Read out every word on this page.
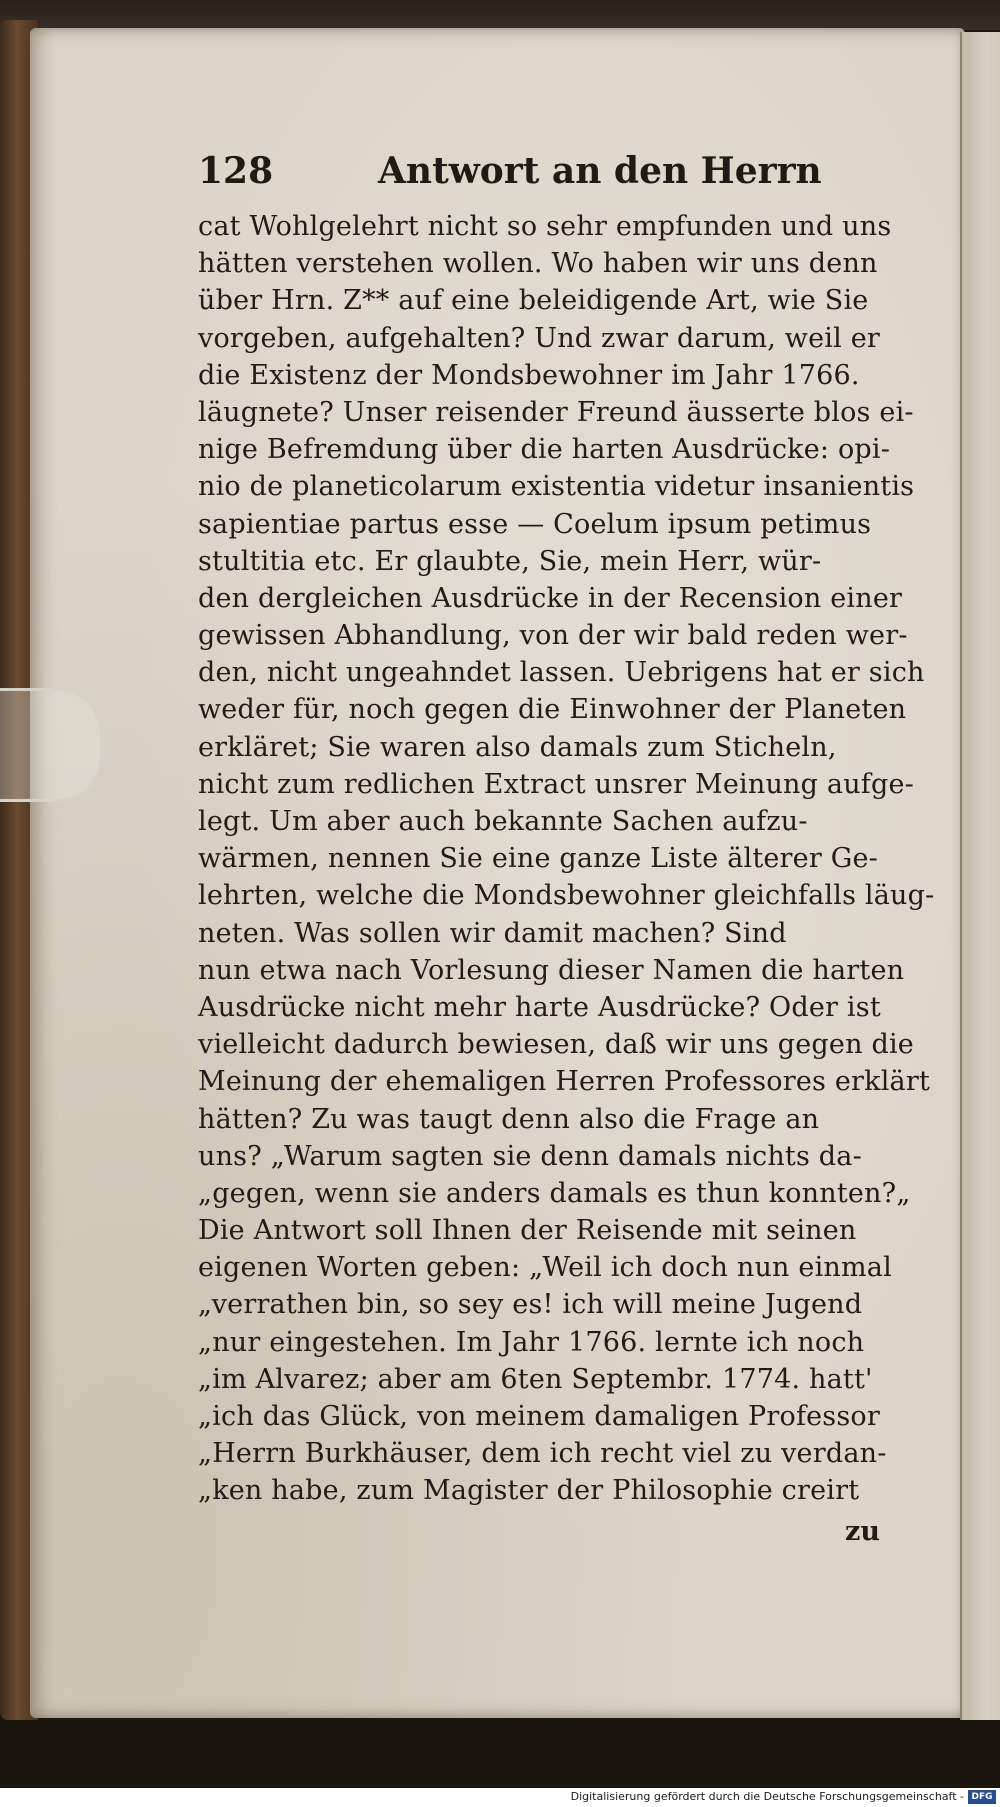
128	Antwort an den Herrn
cat Wohlgelehrt nicht so sehr empfunden und uns
hätten verstehen wollen. Wo haben wir uns denn
über Hrn. Z** auf eine beleidigende Art, wie Sie
vorgeben, aufgehalten? Und zwar darum, weil er
die Existenz der Mondsbewohner im Jahr 1766.
läugnete? Unser reisender Freund äusserte blos ei-
nige Befremdung über die harten Ausdrücke: opi-
nio de planeticolarum existentia videtur insanientis
sapientiae partus esse — Coelum ipsum petimus
stultitia etc. Er glaubte, Sie, mein Herr, wür-
den dergleichen Ausdrücke in der Recension einer
gewissen Abhandlung, von der wir bald reden wer-
den, nicht ungeahndet lassen. Uebrigens hat er sich
weder für, noch gegen die Einwohner der Planeten
erkläret; Sie waren also damals zum Sticheln,
nicht zum redlichen Extract unsrer Meinung aufge-
legt. Um aber auch bekannte Sachen aufzu-
wärmen, nennen Sie eine ganze Liste älterer Ge-
lehrten, welche die Mondsbewohner gleichfalls läug-
neten. Was sollen wir damit machen? Sind
nun etwa nach Vorlesung dieser Namen die harten
Ausdrücke nicht mehr harte Ausdrücke? Oder ist
vielleicht dadurch bewiesen, daß wir uns gegen die
Meinung der ehemaligen Herren Professores erklärt
hätten? Zu was taugt denn also die Frage an
uns? „Warum sagten sie denn damals nichts da-
„gegen, wenn sie anders damals es thun konnten?„
Die Antwort soll Ihnen der Reisende mit seinen
eigenen Worten geben: „Weil ich doch nun einmal
„verrathen bin, so sey es! ich will meine Jugend
„nur eingestehen. Im Jahr 1766. lernte ich noch
„im Alvarez; aber am 6ten Septembr. 1774. hatt'
„ich das Glück, von meinem damaligen Professor
„Herrn Burkhäuser, dem ich recht viel zu verdan-
„ken habe, zum Magister der Philosophie creirt
zu
Digitalisierung gefördert durch die Deutsche Forschungsgemeinschaft - DFG
